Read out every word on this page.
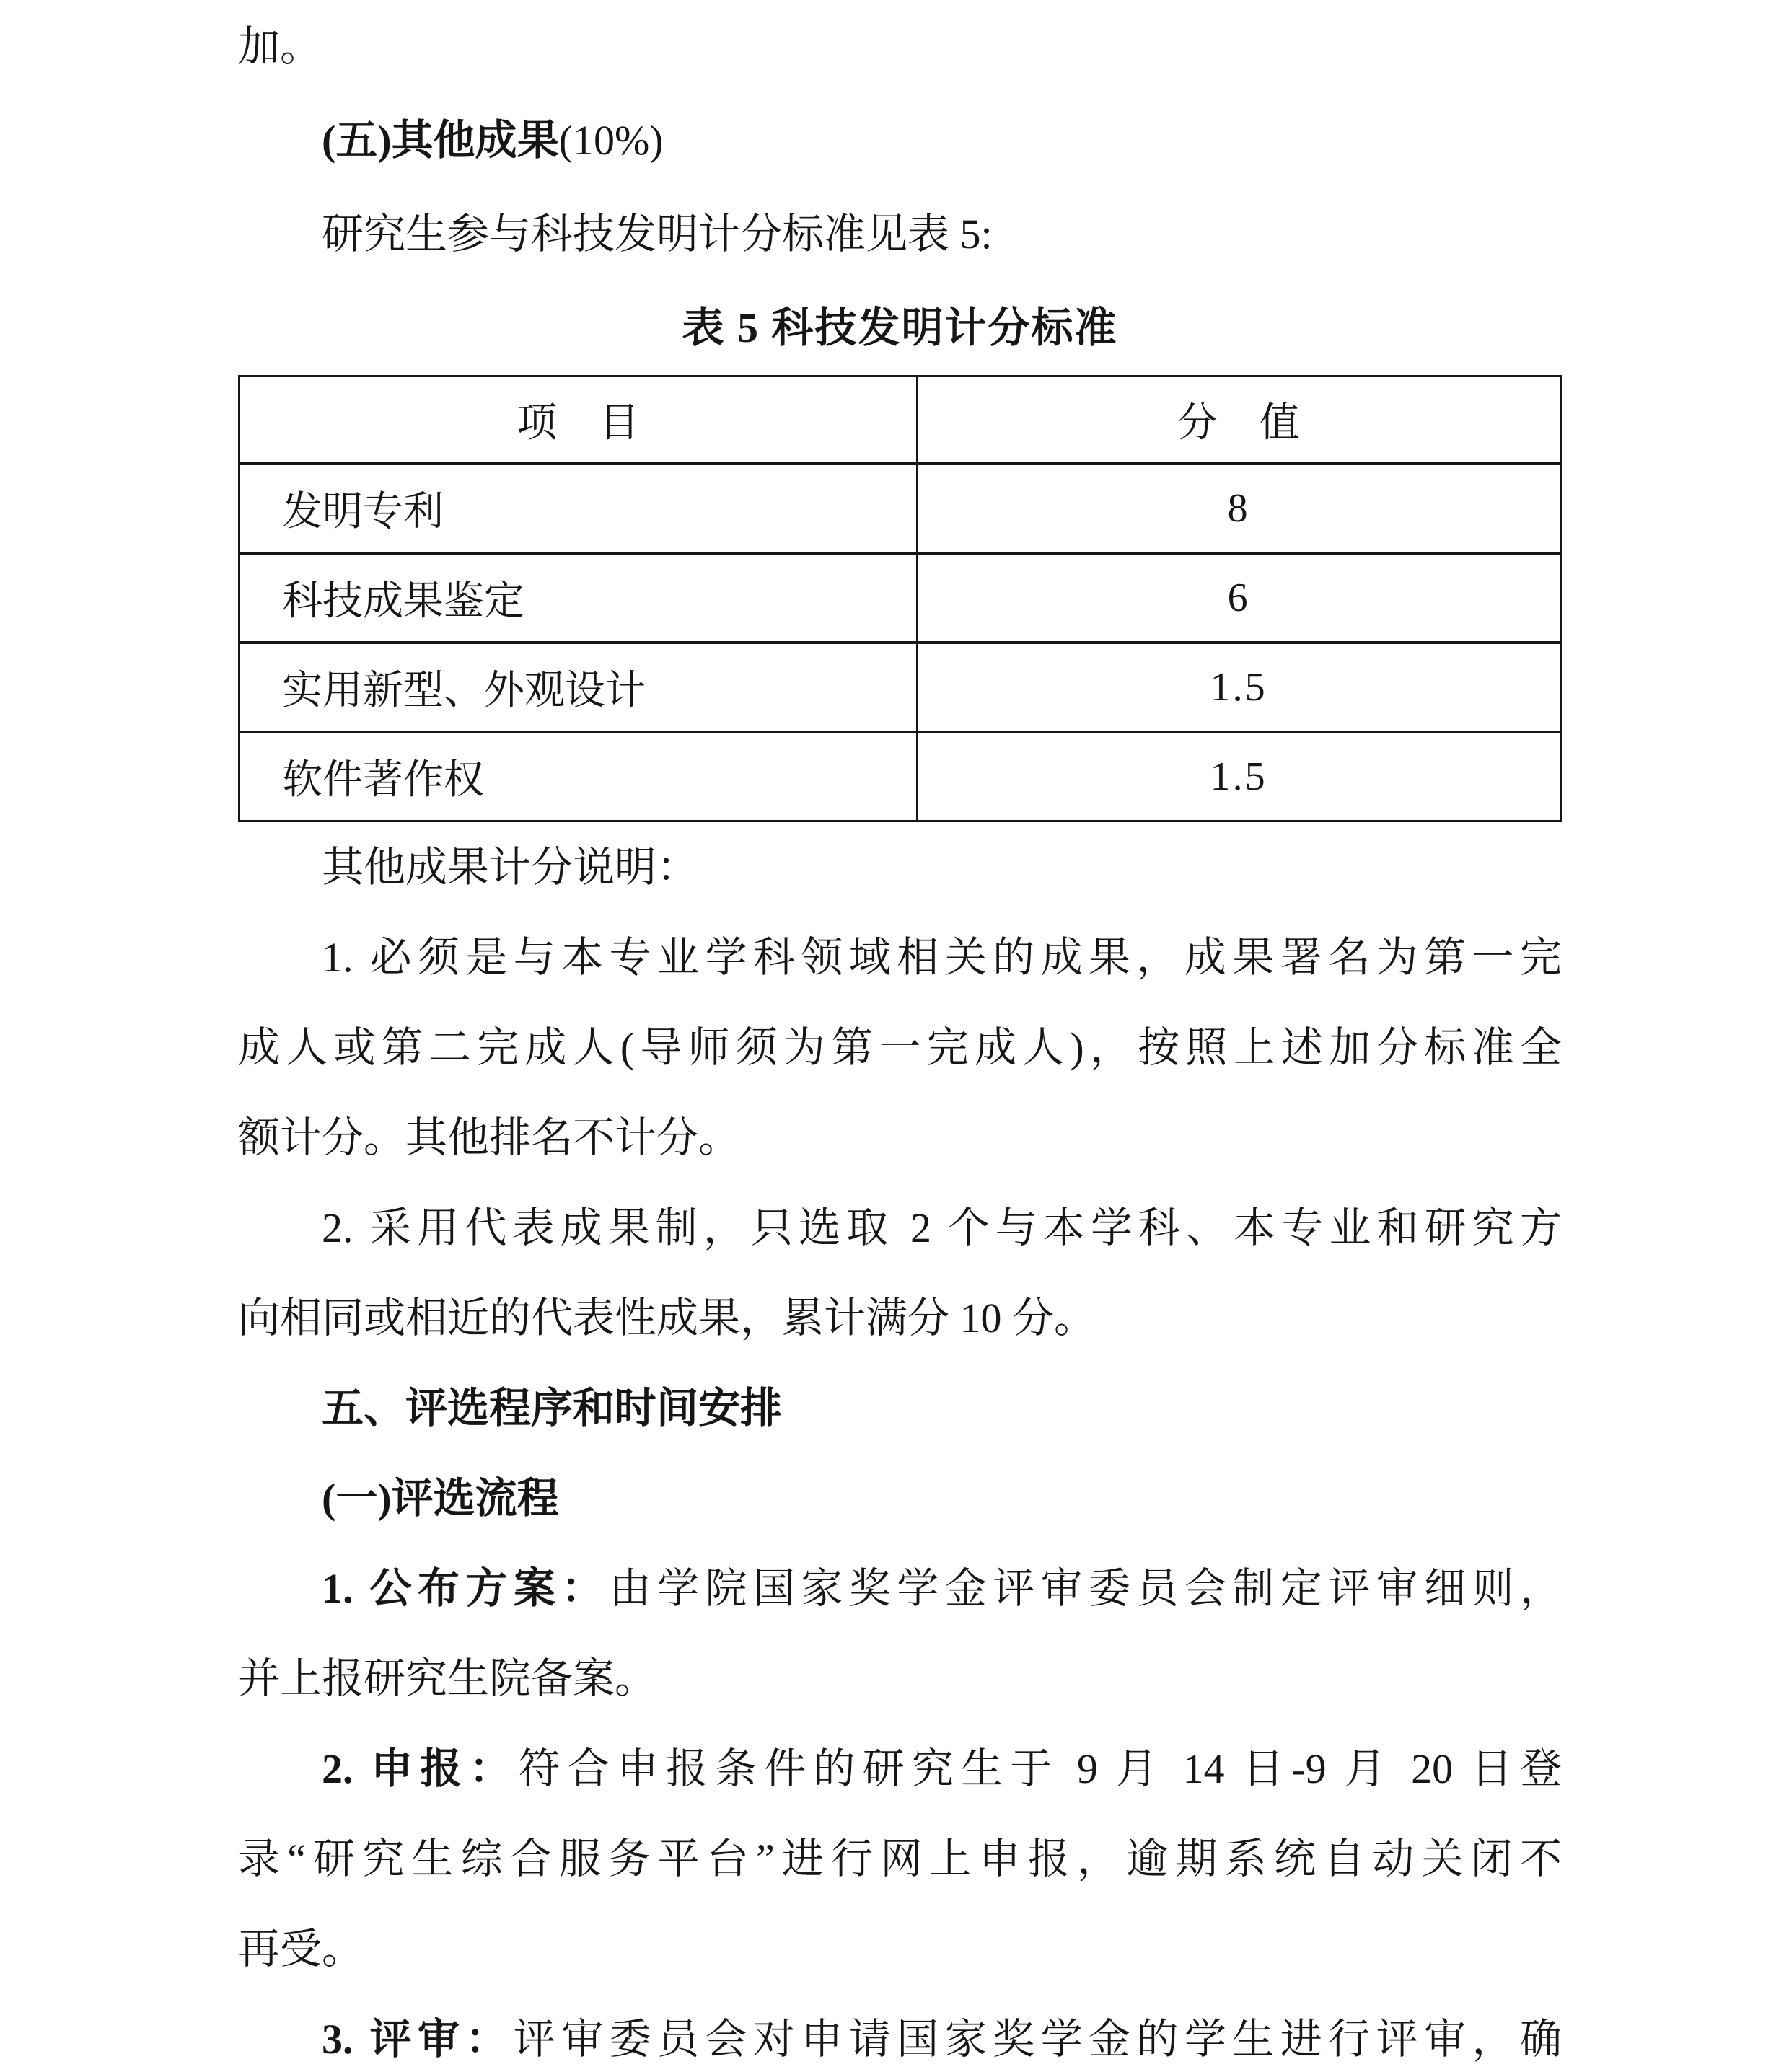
加。
(五)其他成果(10%)
研究生参与科技发明计分标准见表 5:
表 5 科技发明计分标准
项　目	分　值
发明专利	8
科技成果鉴定	6
实用新型、外观设计	1.5
软件著作权	1.5
其他成果计分说明：
1. 必须是与本专业学科领域相关的成果，成果署名为第一完
成人或第二完成人(导师须为第一完成人)，按照上述加分标准全
额计分。其他排名不计分。
2. 采用代表成果制，只选取 2 个与本学科、本专业和研究方
向相同或相近的代表性成果，累计满分 10 分。
五、评选程序和时间安排
(一)评选流程
1. 公布方案：由学院国家奖学金评审委员会制定评审细则，
并上报研究生院备案。
2. 申报：符合申报条件的研究生于 9 月 14 日-9 月 20 日登
录“研究生综合服务平台”进行网上申报，逾期系统自动关闭不
再受。
3. 评审：评审委员会对申请国家奖学金的学生进行评审，确
